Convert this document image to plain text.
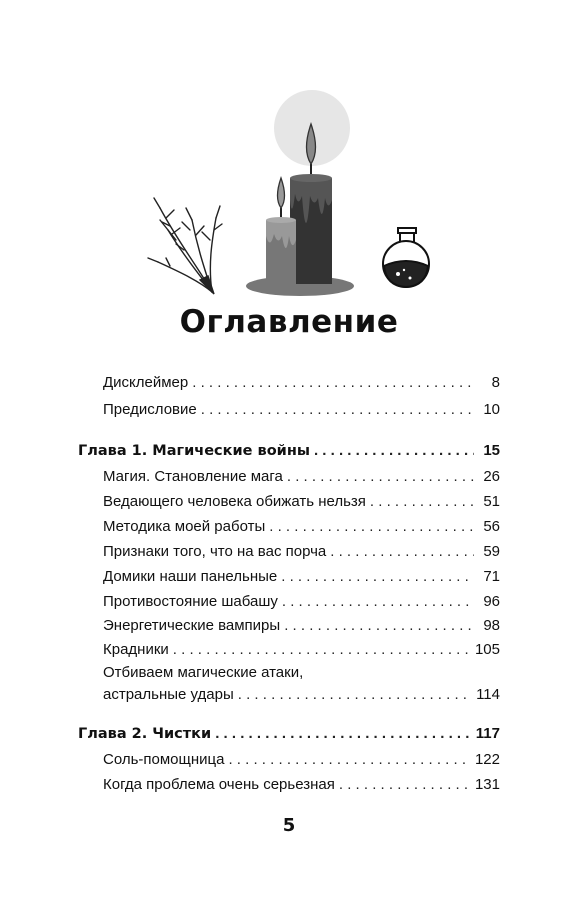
Оглавление
Дисклеймер . . .	8
Предисловие . . .	10
Глава 1. Магические войны . . .	15
Магия. Становление мага . . .	26
Ведающего человека обижать нельзя . . .	51
Методика моей работы . . .	56
Признаки того, что на вас порча . . .	59
Домики наши панельные . . .	71
Противостояние шабашу . . .	96
Энергетические вампиры . . .	98
Крадники . . .	105
Отбиваем магические атаки,
астральные удары . . .	114
Глава 2. Чистки . . .	117
Соль-помощница . . .	122
Когда проблема очень серьезная . . .	131
5
